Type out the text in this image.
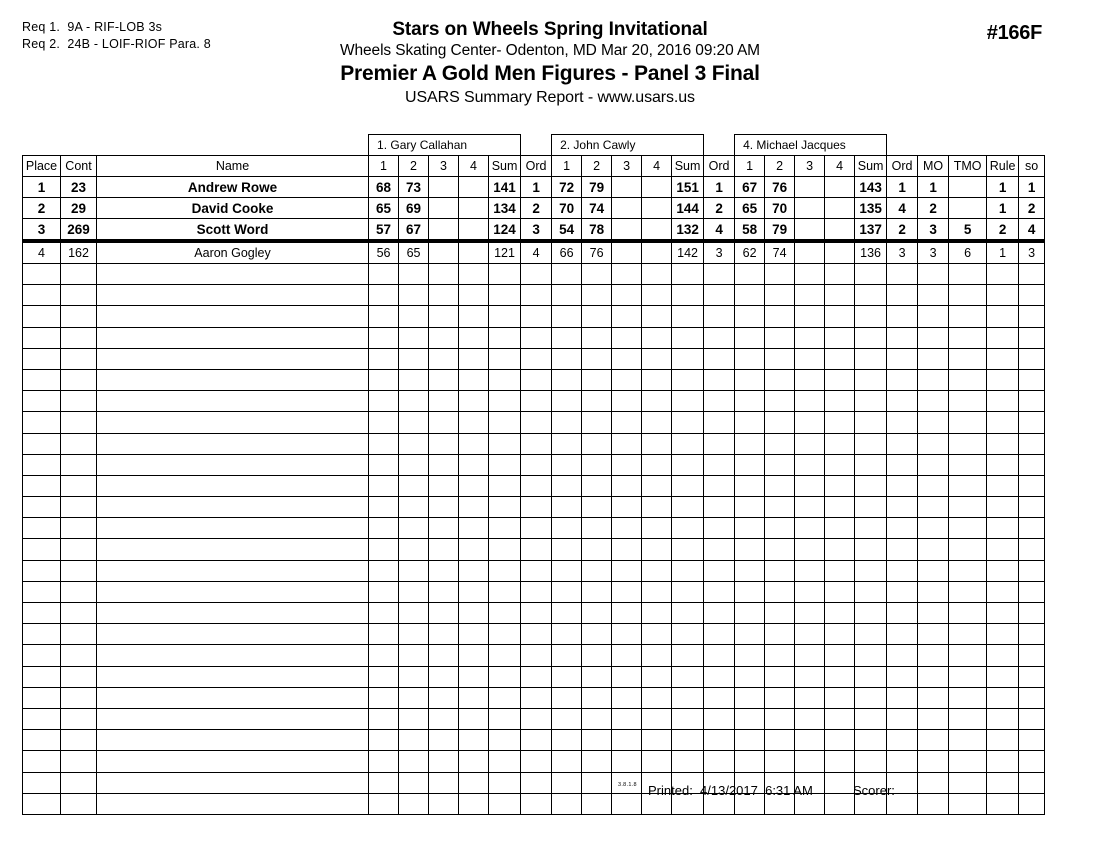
Req 1.  9A - RIF-LOB 3s
Req 2.  24B - LOIF-RIOF Para. 8
Stars on Wheels Spring Invitational
Wheels Skating Center- Odenton, MD Mar 20, 2016 09:20 AM
Premier A Gold Men Figures - Panel 3 Final
USARS Summary Report - www.usars.us
#166F
			1. Gary Callahan						2. John Cawly						4. Michael Jacques									
Place	Cont	Name	1	2	3	4	Sum	Ord	1	2	3	4	Sum	Ord	1	2	3	4	Sum	Ord	MO	TMO	Rule	so
1	23	Andrew Rowe	68	73			141	1	72	79			151	1	67	76			143	1	1		1	1
2	29	David Cooke	65	69			134	2	70	74			144	2	65	70			135	4	2		1	2
3	269	Scott Word	57	67			124	3	54	78			132	4	58	79			137	2	3	5	2	4
4	162	Aaron Gogley	56	65			121	4	66	76			142	3	62	74			136	3	3	6	1	3

3.8.1.8 Printed:  4/13/2017  6:31 AM	Scorer:
